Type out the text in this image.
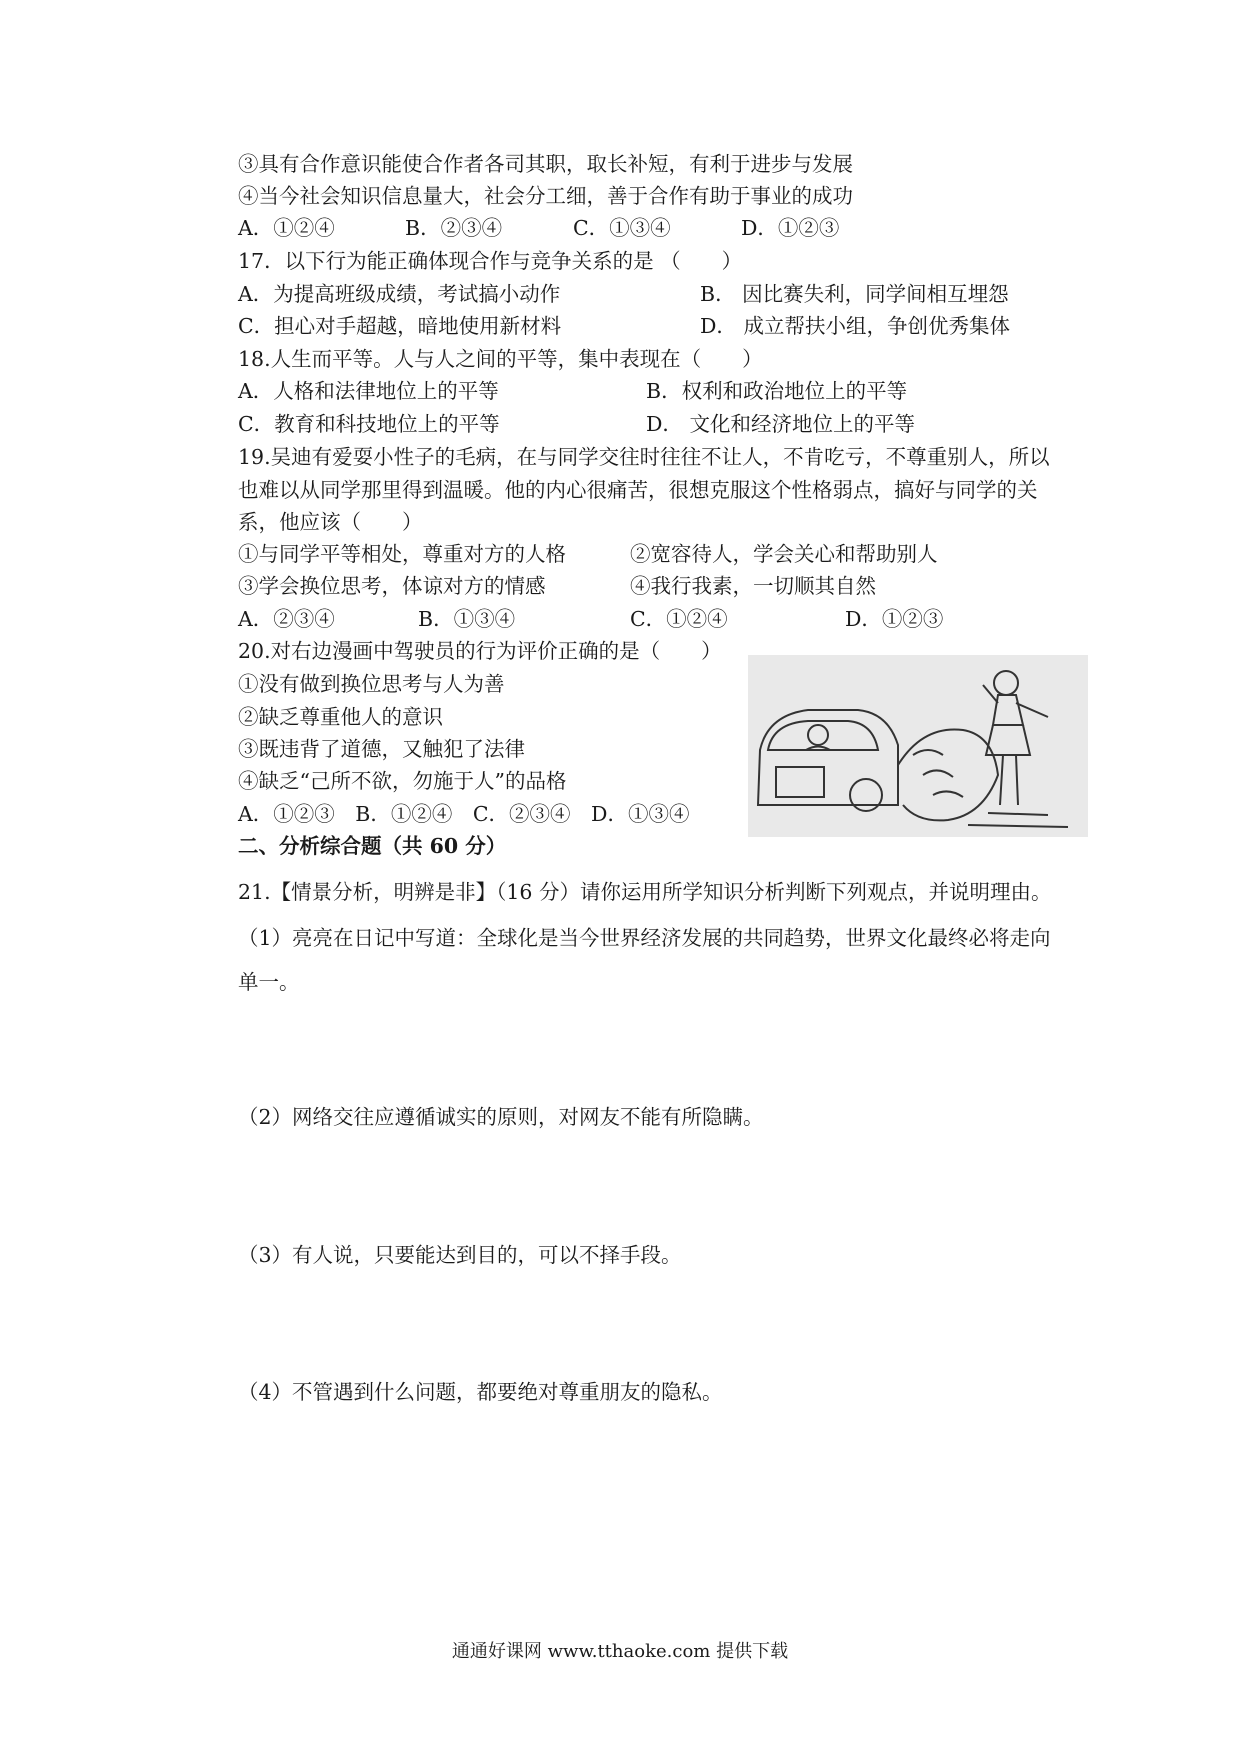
③具有合作意识能使合作者各司其职，取长补短，有利于进步与发展
④当今社会知识信息量大，社会分工细，善于合作有助于事业的成功
A．①②④	B．②③④	C．①③④	D．①②③
17．以下行为能正确体现合作与竞争关系的是 （　　）
A．为提高班级成绩，考试搞小动作	B． 因比赛失利，同学间相互埋怨
C．担心对手超越，暗地使用新材料	D． 成立帮扶小组，争创优秀集体
18.人生而平等。人与人之间的平等，集中表现在（　　）
A．人格和法律地位上的平等	B．权利和政治地位上的平等
C．教育和科技地位上的平等	D． 文化和经济地位上的平等
19.吴迪有爱耍小性子的毛病，在与同学交往时往往不让人，不肯吃亏，不尊重别人，所以
也难以从同学那里得到温暖。他的内心很痛苦，很想克服这个性格弱点，搞好与同学的关
系，他应该（　　）
①与同学平等相处，尊重对方的人格	②宽容待人，学会关心和帮助别人
③学会换位思考，体谅对方的情感	④我行我素，一切顺其自然
A．②③④	B．①③④	C．①②④	D．①②③
20.对右边漫画中驾驶员的行为评价正确的是（　　）
①没有做到换位思考与人为善
②缺乏尊重他人的意识
③既违背了道德，又触犯了法律
④缺乏“己所不欲，勿施于人”的品格
A．①②③　B．①②④　C．②③④　D．①③④
二、分析综合题（共 60 分）
21.【情景分析，明辨是非】（16 分）请你运用所学知识分析判断下列观点，并说明理由。
（1）亮亮在日记中写道：全球化是当今世界经济发展的共同趋势，世界文化最终必将走向
单一。
（2）网络交往应遵循诚实的原则，对网友不能有所隐瞒。
（3）有人说，只要能达到目的，可以不择手段。
（4）不管遇到什么问题，都要绝对尊重朋友的隐私。
通通好课网 www.tthaoke.com 提供下载
